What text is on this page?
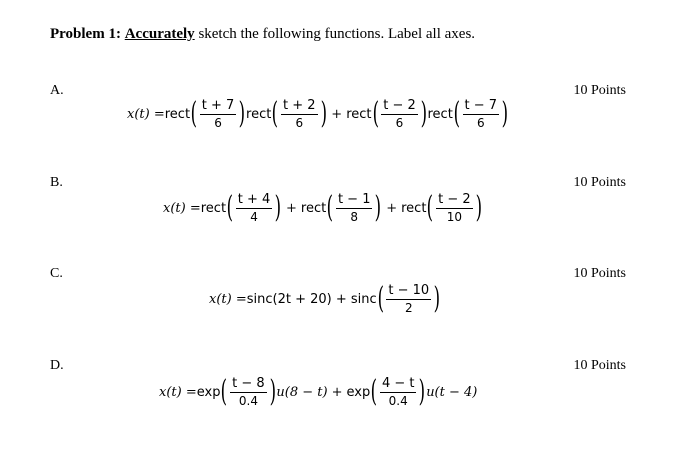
Problem 1: Accurately sketch the following functions. Label all axes.
A.	10 Points
x(t) = rect ( $\frac{t + 7}{6}$ ) rect ( $\frac{t + 2}{6}$ ) + rect ( $\frac{t - 2}{6}$ ) rect ( $\frac{t - 7}{6}$ )
B.	10 Points
x(t) = rect ( $\frac{t + 4}{4}$ ) + rect ( $\frac{t - 1}{8}$ ) + rect ( $\frac{t - 2}{10}$ )
C.	10 Points
x(t) = sinc(2t + 20) + sinc ( $\frac{t - 10}{2}$ )
D.	10 Points
x(t) = exp ( $\frac{t - 8}{0.4}$ ) u(8 − t) + exp ( $\frac{4 - t}{0.4}$ ) u(t − 4)
